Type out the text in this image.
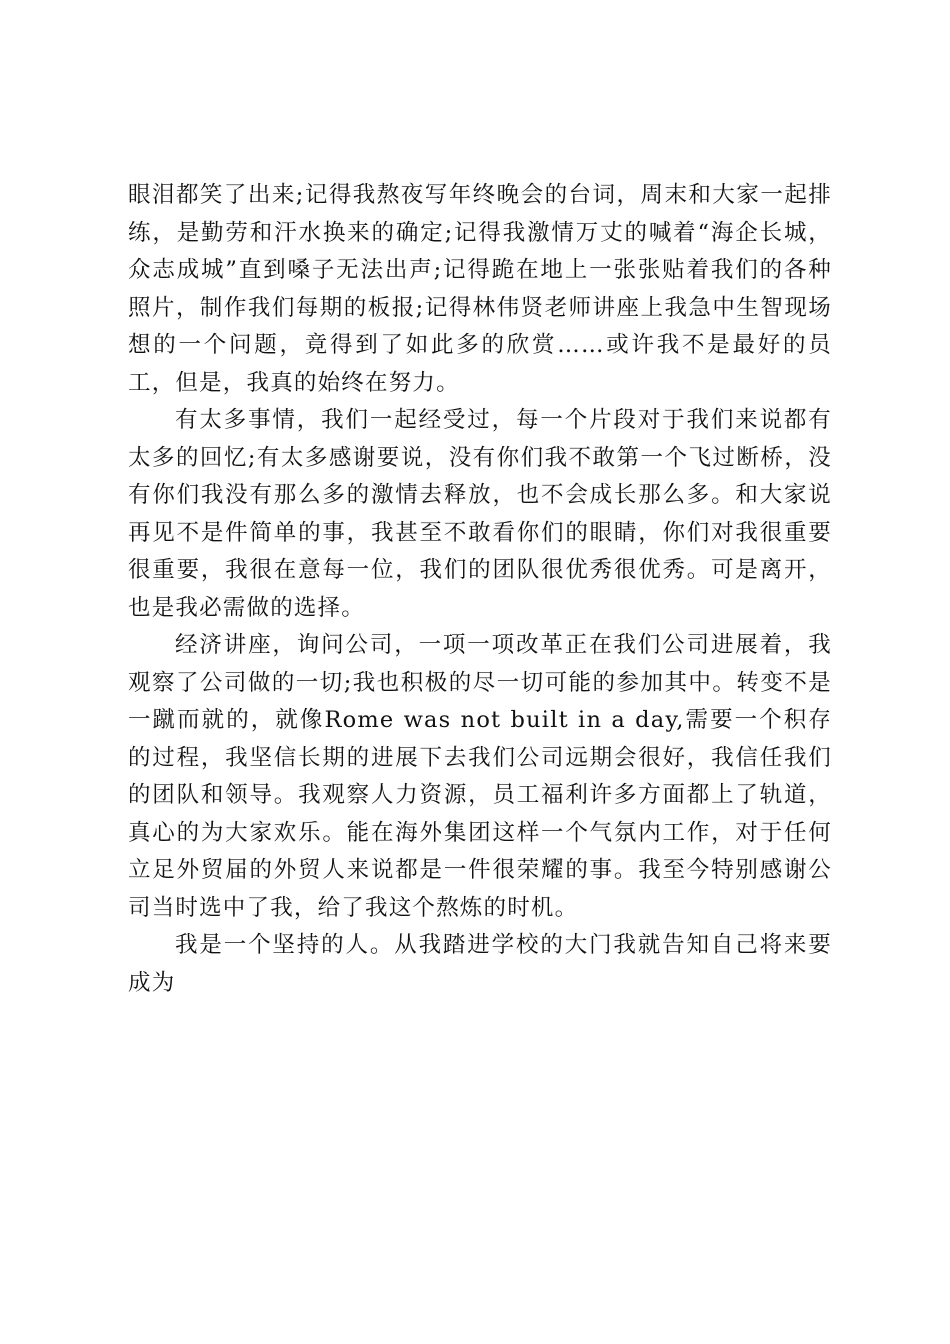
眼泪都笑了出来;记得我熬夜写年终晚会的台词，周末和大家一起排练，是勤劳和汗水换来的确定;记得我激情万丈的喊着“海企长城，众志成城”直到嗓子无法出声;记得跪在地上一张张贴着我们的各种照片，制作我们每期的板报;记得林伟贤老师讲座上我急中生智现场想的一个问题，竟得到了如此多的欣赏……或许我不是最好的员工，但是，我真的始终在努力。

有太多事情，我们一起经受过，每一个片段对于我们来说都有太多的回忆;有太多感谢要说，没有你们我不敢第一个飞过断桥，没有你们我没有那么多的激情去释放，也不会成长那么多。和大家说再见不是件简单的事，我甚至不敢看你们的眼睛，你们对我很重要很重要，我很在意每一位，我们的团队很优秀很优秀。可是离开，也是我必需做的选择。

经济讲座，询问公司，一项一项改革正在我们公司进展着，我观察了公司做的一切;我也积极的尽一切可能的参加其中。转变不是一蹴而就的，就像Rome was not built in a day,需要一个积存的过程，我坚信长期的进展下去我们公司远期会很好，我信任我们的团队和领导。我观察人力资源，员工福利许多方面都上了轨道，真心的为大家欢乐。能在海外集团这样一个气氛内工作，对于任何立足外贸届的外贸人来说都是一件很荣耀的事。我至今特别感谢公司当时选中了我，给了我这个熬炼的时机。

我是一个坚持的人。从我踏进学校的大门我就告知自己将来要成为
